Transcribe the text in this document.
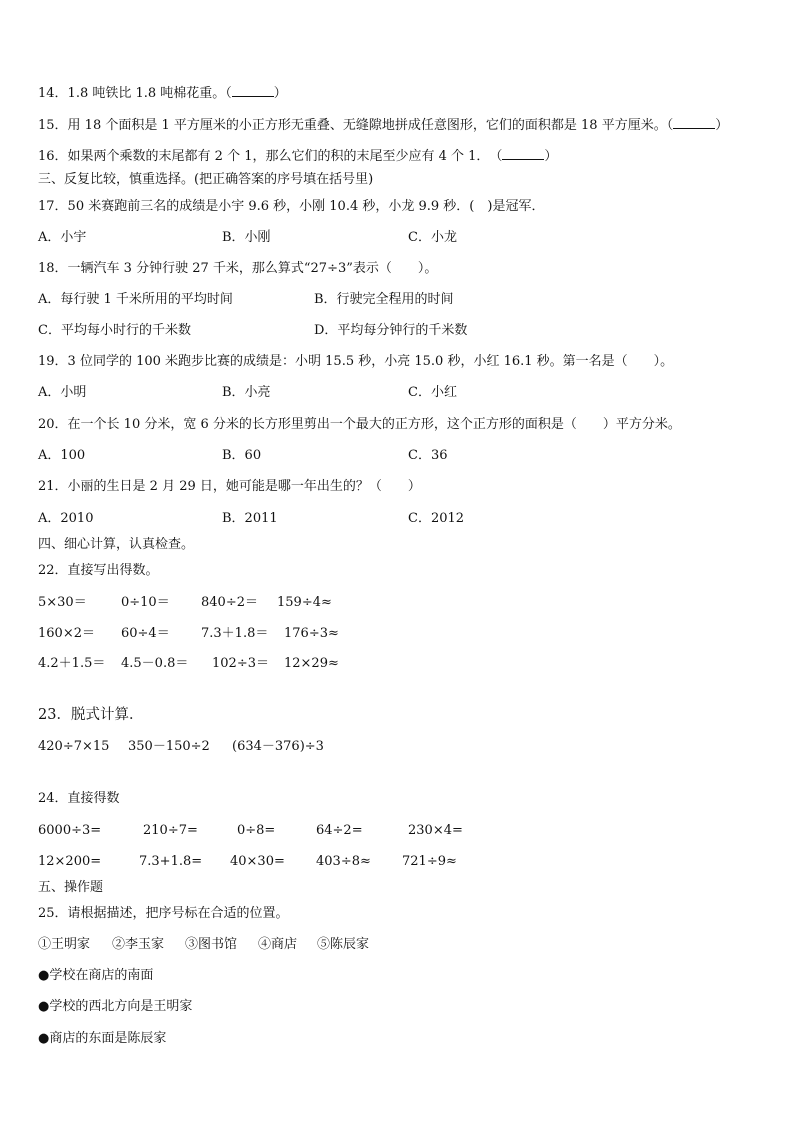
14．1.8 吨铁比 1.8 吨棉花重。（	）
15．用 18 个面积是 1 平方厘米的小正方形无重叠、无缝隙地拼成任意图形，它们的面积都是 18 平方厘米。（	）
16．如果两个乘数的末尾都有 2 个 1，那么它们的积的末尾至少应有 4 个 1．　（	）
三、反复比较，慎重选择。(把正确答案的序号填在括号里)
17．50 米赛跑前三名的成绩是小宇 9.6 秒，小刚 10.4 秒，小龙 9.9 秒．(　)是冠军．
A．小宇	B．小刚	C．小龙
18．一辆汽车 3 分钟行驶 27 千米，那么算式“27÷3”表示（　　）。
A．每行驶 1 千米所用的平均时间	B．行驶完全程用的时间
C．平均每小时行的千米数	D．平均每分钟行的千米数
19．3 位同学的 100 米跑步比赛的成绩是：小明 15.5 秒，小亮 15.0 秒，小红 16.1 秒。第一名是（　　）。
A．小明	B．小亮	C．小红
20．在一个长 10 分米，宽 6 分米的长方形里剪出一个最大的正方形，这个正方形的面积是（　　）平方分米。
A．100	B．60	C．36
21．小丽的生日是 2 月 29 日，她可能是哪一年出生的？（　　）
A．2010	B．2011	C．2012
四、细心计算，认真检查。
22．直接写出得数。
5×30＝	0÷10＝ 840÷2＝ 159÷4≈
160×2＝ 60÷4＝ 7.3＋1.8＝ 176÷3≈
4.2＋1.5＝ 4.5－0.8＝ 102÷3＝ 12×29≈
23．脱式计算．
420÷7×15 350－150÷2 (634－376)÷3
24．直接得数
6000÷3=	210÷7=	0÷8=	64÷2=	230×4=
12×200=	7.3+1.8= 40×30= 403÷8≈ 721÷9≈
五、操作题
25．请根据描述，把序号标在合适的位置。
①王明家 ②李玉家 ③图书馆 ④商店 ⑤陈辰家
●学校在商店的南面
●学校的西北方向是王明家
●商店的东面是陈辰家
